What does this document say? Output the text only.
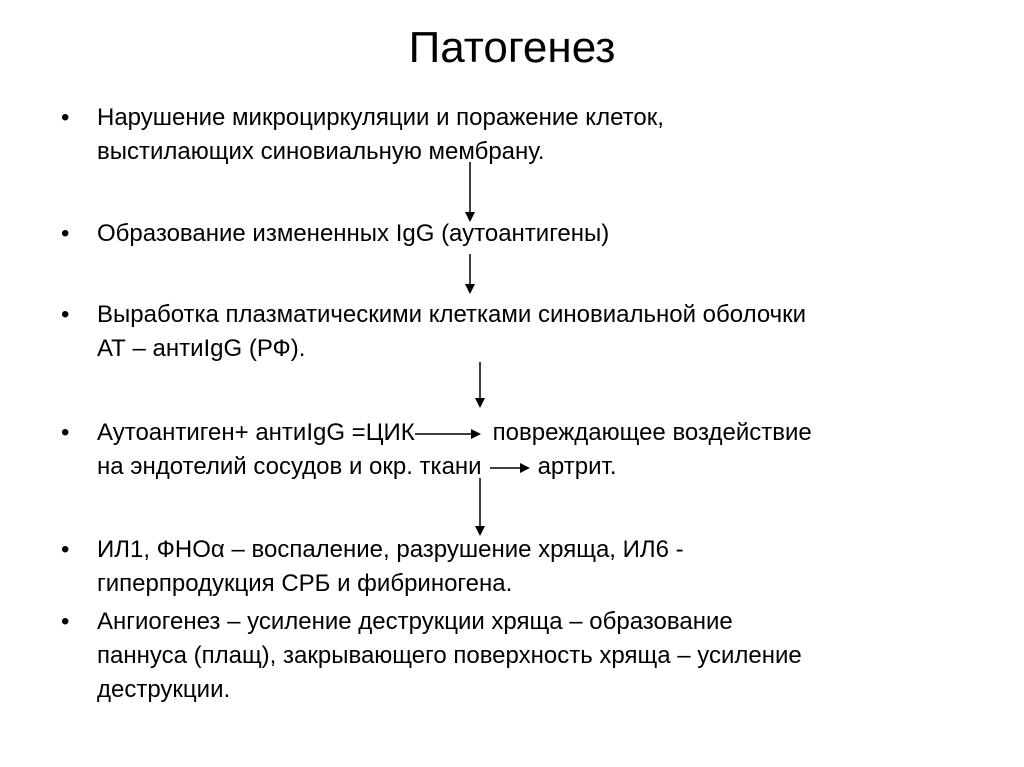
Патогенез
• Нарушение микроциркуляции и поражение клеток,
выстилающих синовиальную мембрану.
• Образование измененных IgG (аутоантигены)
• Выработка плазматическими клетками синовиальной оболочки
АТ – антиIgG (РФ).
• Аутоантиген+ антиIgG =ЦИК	повреждающее воздействие
на эндотелий сосудов и окр. ткани артрит.
• ИЛ1, ФНОα – воспаление, разрушение хряща, ИЛ6 -
гиперпродукция СРБ и фибриногена.
• Ангиогенез – усиление деструкции хряща – образование
паннуса (плащ), закрывающего поверхность хряща – усиление
деструкции.
